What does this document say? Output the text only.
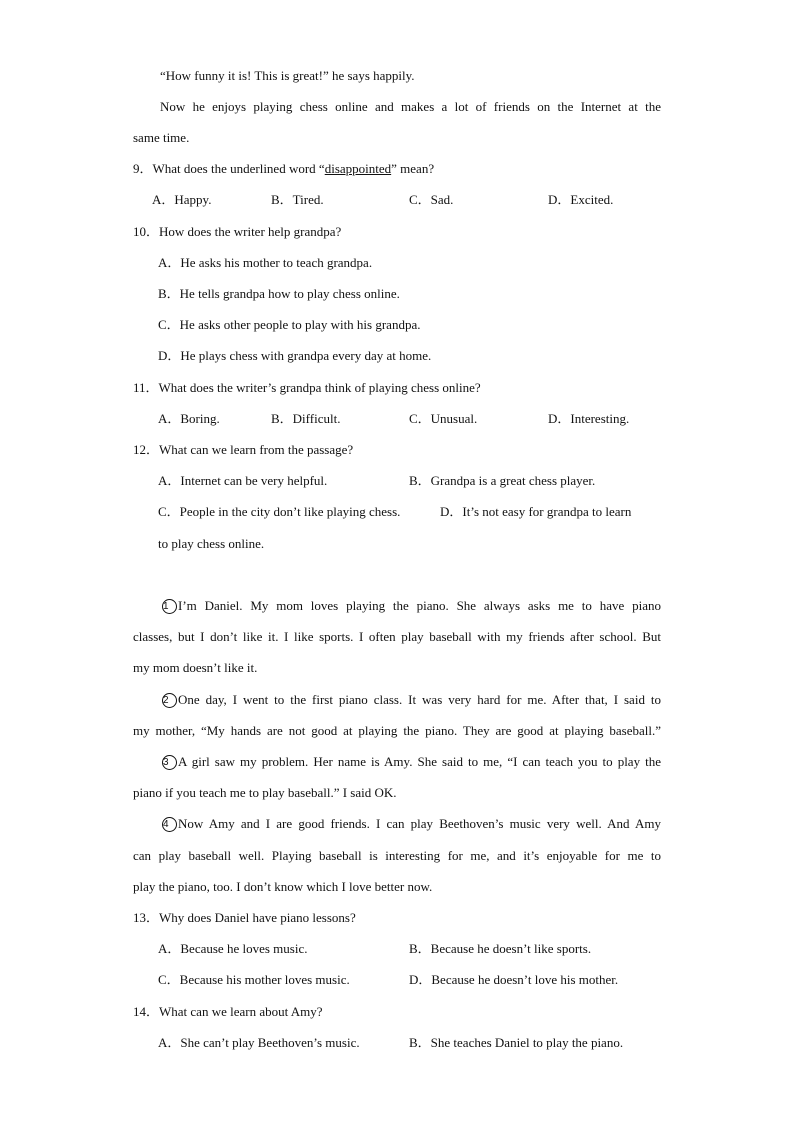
“How funny it is! This is great!” he says happily.
Now he enjoys playing chess online and makes a lot of friends on the Internet at the
same time.
9．What does the underlined word “disappointed” mean?
A．Happy.	B．Tired.	C．Sad.	D．Excited.
10．How does the writer help grandpa?
A．He asks his mother to teach grandpa.
B．He tells grandpa how to play chess online.
C．He asks other people to play with his grandpa.
D．He plays chess with grandpa every day at home.
11．What does the writer’s grandpa think of playing chess online?
A．Boring.	B．Difficult.	C．Unusual.	D．Interesting.
12．What can we learn from the passage?
A．Internet can be very helpful.	B．Grandpa is a great chess player.
C．People in the city don’t like playing chess.	D．It’s not easy for grandpa to learn
to play chess online.
1 I’m Daniel. My mom loves playing the piano. She always asks me to have piano
classes, but I don’t like it. I like sports. I often play baseball with my friends after school. But
my mom doesn’t like it.
2 One day, I went to the first piano class. It was very hard for me. After that, I said to
my mother, “My hands are not good at playing the piano. They are good at playing baseball.”
3 A girl saw my problem. Her name is Amy. She said to me, “I can teach you to play the
piano if you teach me to play baseball.” I said OK.
4 Now Amy and I are good friends. I can play Beethoven’s music very well. And Amy
can play baseball well. Playing baseball is interesting for me, and it’s enjoyable for me to
play the piano, too. I don’t know which I love better now.
13．Why does Daniel have piano lessons?
A．Because he loves music.	B．Because he doesn’t like sports.
C．Because his mother loves music.	D．Because he doesn’t love his mother.
14．What can we learn about Amy?
A．She can’t play Beethoven’s music.	B．She teaches Daniel to play the piano.
